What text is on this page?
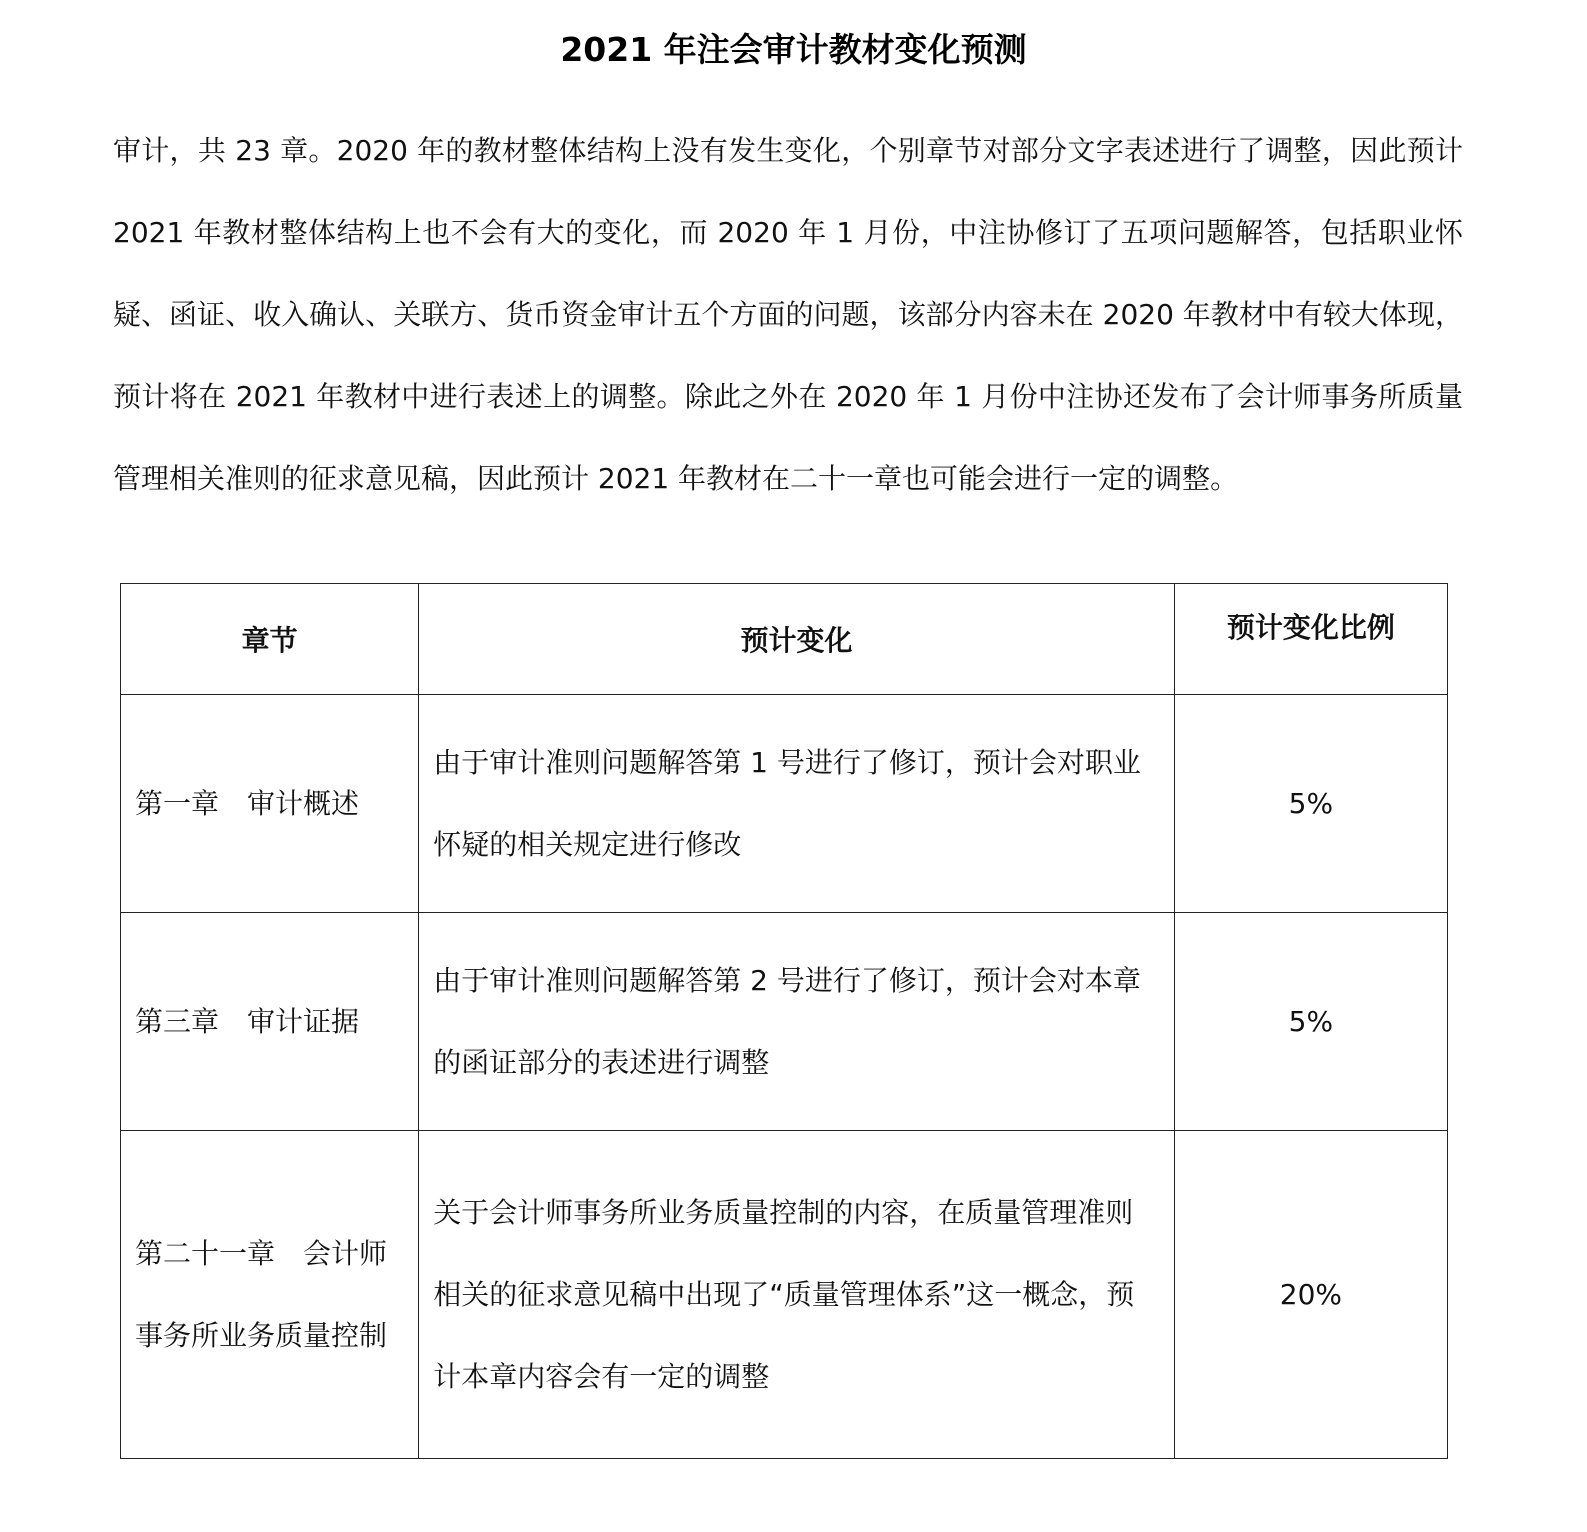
2021 年注会审计教材变化预测

审计，共 23 章。2020 年的教材整体结构上没有发生变化，个别章节对部分文字表述进行了调整，因此预计 2021 年教材整体结构上也不会有大的变化，而 2020 年 1 月份，中注协修订了五项问题解答，包括职业怀疑、函证、收入确认、关联方、货币资金审计五个方面的问题，该部分内容未在 2020 年教材中有较大体现，预计将在 2021 年教材中进行表述上的调整。除此之外在 2020 年 1 月份中注协还发布了会计师事务所质量管理相关准则的征求意见稿，因此预计 2021 年教材在二十一章也可能会进行一定的调整。

章节	预计变化	预计变化比例

第一章　审计概述	由于审计准则问题解答第 1 号进行了修订，预计会对职业怀疑的相关规定进行修改	5%
第三章　审计证据	由于审计准则问题解答第 2 号进行了修订，预计会对本章的函证部分的表述进行调整	5%
第二十一章　会计师事务所业务质量控制	关于会计师事务所业务质量控制的内容，在质量管理准则相关的征求意见稿中出现了“质量管理体系”这一概念，预计本章内容会有一定的调整	20%
